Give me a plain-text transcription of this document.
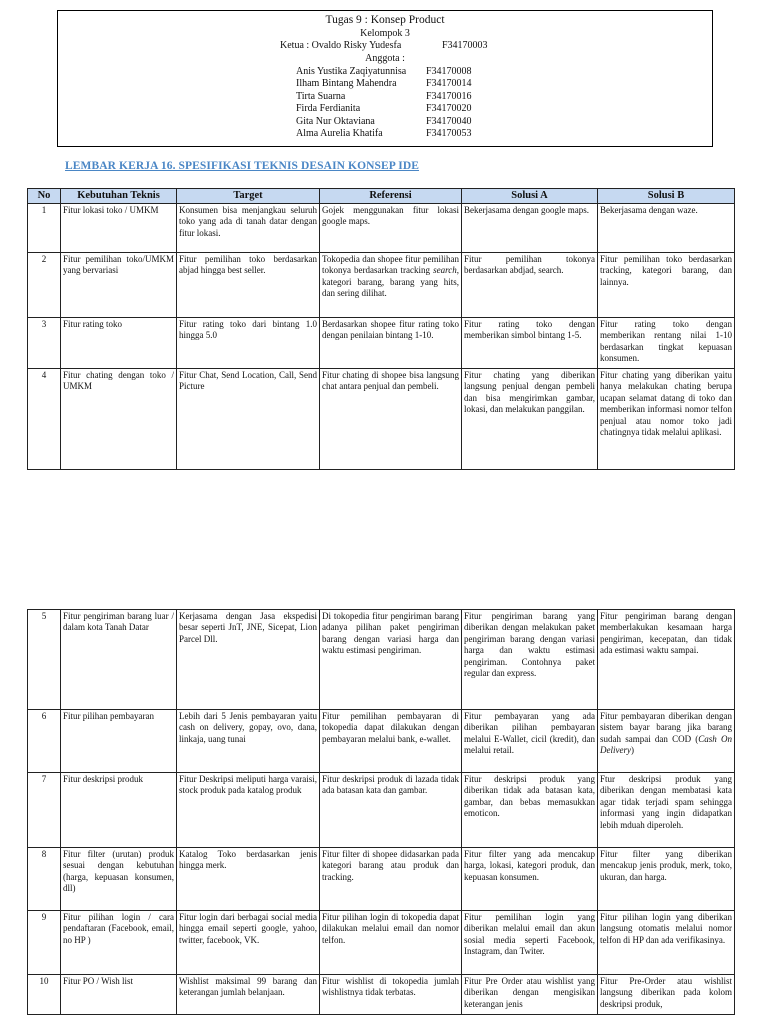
Tugas 9 : Konsep Product
Kelompok 3
Ketua : Ovaldo Risky Yudesfa	F34170003
Anggota :
Anis Yustika Zaqiyatunnisa F34170008
Ilham Bintang Mahendra	F34170014
Tirta Suarna	F34170016
Firda Ferdianita	F34170020
Gita Nur Oktaviana	F34170040
Alma Aurelia Khatifa	F34170053
LEMBAR KERJA 16. SPESIFIKASI TEKNIS DESAIN KONSEP IDE
No	Kebutuhan Teknis	Target	Referensi	Solusi A	Solusi B
1	Fitur lokasi toko / UMKM	Konsumen bisa menjangkau seluruh toko yang ada di tanah datar dengan fitur lokasi.	Gojek menggunakan fitur lokasi google maps.	Bekerjasama dengan google maps.	Bekerjasama dengan waze.
2	Fitur pemilihan toko/UMKM yang bervariasi	Fitur pemilihan toko berdasarkan abjad hingga best seller.	Tokopedia dan shopee fitur pemilihan tokonya berdasarkan tracking search, kategori barang, barang yang hits, dan sering dilihat.	Fitur pemilihan tokonya berdasarkan abdjad, search.	Fitur pemilihan toko berdasarkan tracking, kategori barang, dan lainnya.
3	Fitur rating toko	Fitur rating toko dari bintang 1.0 hingga 5.0	Berdasarkan shopee fitur rating toko dengan penilaian bintang 1-10.	Fitur rating toko dengan memberikan simbol bintang 1-5.	Fitur rating toko dengan memberikan rentang nilai 1-10 berdasarkan tingkat kepuasan konsumen.
4	Fitur chating dengan toko / UMKM	Fitur Chat, Send Location, Call, Send Picture	Fitur chating di shopee bisa langsung chat antara penjual dan pembeli.	Fitur chating yang diberikan langsung penjual dengan pembeli dan bisa mengirimkan gambar, lokasi, dan melakukan panggilan.	Fitur chating yang diberikan yaitu hanya melakukan chating berupa ucapan selamat datang di toko dan memberikan informasi nomor telfon penjual atau nomor toko jadi chatingnya tidak melalui aplikasi.
5	Fitur pengiriman barang luar / dalam kota Tanah Datar	Kerjasama dengan Jasa ekspedisi besar seperti JnT, JNE, Sicepat, Lion Parcel Dll.	Di tokopedia fitur pengiriman barang adanya pilihan paket pengiriman barang dengan variasi harga dan waktu estimasi pengiriman.	Fitur pengiriman barang yang diberikan dengan melakukan paket pengiriman barang dengan variasi harga dan waktu estimasi pengiriman. Contohnya paket regular dan express.	Fitur pengiriman barang dengan memberlakukan kesamaan harga pengiriman, kecepatan, dan tidak ada estimasi waktu sampai.
6	Fitur pilihan pembayaran	Lebih dari 5 Jenis pembayaran yaitu cash on delivery, gopay, ovo, dana, linkaja, uang tunai	Fitur pemilihan pembayaran di tokopedia dapat dilakukan dengan pembayaran melalui bank, e-wallet.	Fitur pembayaran yang ada diberikan pilihan pembayaran melalui E-Wallet, cicil (kredit), dan melalui retail.	Fitur pembayaran diberikan dengan sistem bayar barang jika barang sudah sampai dan COD (Cash On Delivery)
7	Fitur deskripsi produk	Fitur Deskripsi meliputi harga varaisi, stock produk pada katalog produk	Fitur deskripsi produk di lazada tidak ada batasan kata dan gambar.	Fitur deskripsi produk yang diberikan tidak ada batasan kata, gambar, dan bebas memasukkan emoticon.	Ftur deskripsi produk yang diberikan dengan membatasi kata agar tidak terjadi spam sehingga informasi yang ingin didapatkan lebih mduah diperoleh.
8	Fitur filter (urutan) produk sesuai dengan kebutuhan (harga, kepuasan konsumen, dll)	Katalog Toko berdasarkan jenis hingga merk.	Fitur filter di shopee didasarkan pada kategori barang atau produk dan tracking.	Fitur filter yang ada mencakup harga, lokasi, kategori produk, dan kepuasan konsumen.	Fitur filter yang diberikan mencakup jenis produk, merk, toko, ukuran, dan harga.
9	Fitur pilihan login / cara pendaftaran (Facebook, email, no HP )	Fitur login dari berbagai social media hingga email seperti google, yahoo, twitter, facebook, VK.	Fitur pilihan login di tokopedia dapat dilakukan melalui email dan nomor telfon.	Fitur pemilihan login yang diberikan melalui email dan akun sosial media seperti Facebook, Instagram, dan Twiter.	Fitur pilihan login yang diberikan langsung otomatis melalui nomor telfon di HP dan ada verifikasinya.
10	Fitur PO / Wish list	Wishlist maksimal 99 barang dan keterangan jumlah belanjaan.	Fitur wishlist di tokopedia jumlah wishlistnya tidak terbatas.	Fitur Pre Order atau wishlist yang diberikan dengan mengisikan keterangan jenis	Fitur Pre-Order atau wishlist langsung diberikan pada kolom deskripsi produk,
